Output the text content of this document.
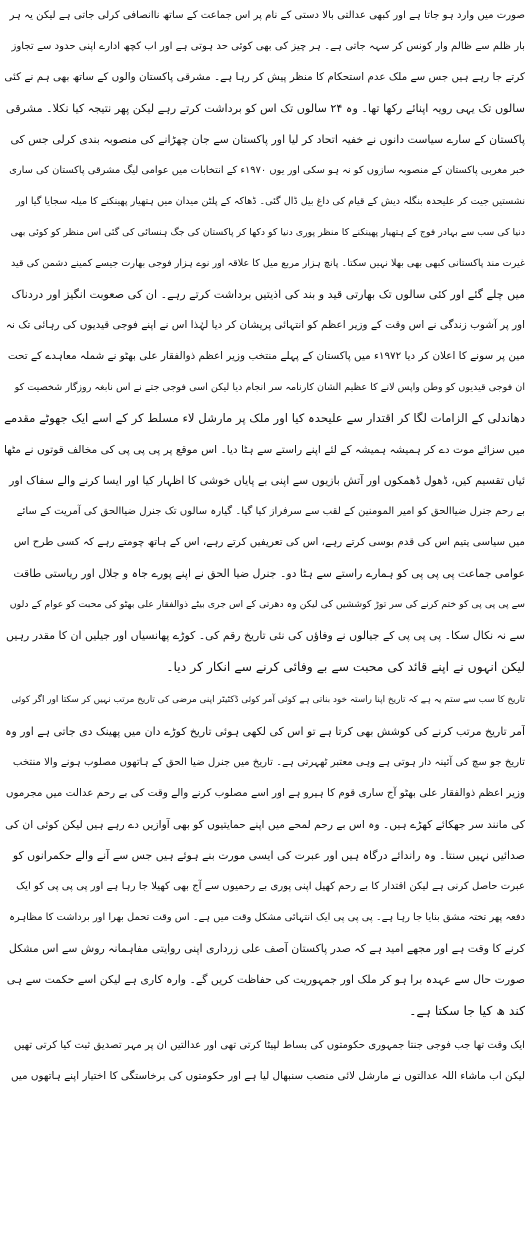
صورت میں وارد ہو جاتا ہے اور کبھی عدالتی بالا دستی کے نام پر اس جماعت کے ساتھ ناانصافی کرلی جاتی ہے لیکن یہ ہر
بار ظلم سے ظالم وار کونس کر سہہ جاتی ہے۔ ہر چیز کی بھی کوئی حد ہوتی ہے اور اب کچھ ادارے اپنی حدود سے تجاوز
کرتے جا رہے ہیں جس سے ملک عدم استحکام کا منظر پیش کر رہا ہے۔ مشرقی پاکستان والوں کے ساتھ بھی ہم نے کئی
سالوں تک یہی رویہ اپنائے رکھا تھا۔ وہ ۲۴ سالوں تک اس کو برداشت کرتے رہے لیکن پھر نتیجہ کیا نکلا۔ مشرقی
پاکستان کے سارے سیاست دانوں نے خفیہ اتحاد کر لیا اور پاکستان سے جان چھڑانے کی منصوبہ بندی کرلی جس کی
خبر مغربی پاکستان کے منصوبہ سازوں کو نہ ہو سکی اور یوں ۱۹۷۰ء کے انتخابات میں عوامی لیگ مشرقی پاکستان کی ساری
نشستیں جیت کر علیحدہ بنگلہ دیش کے قیام کی داغ بیل ڈال گئی۔ ڈھاکہ کے پلٹن میدان میں ہتھیار پھینکنے کا میلہ سجایا گیا اور
دنیا کی سب سے بہادر فوج کے ہتھیار پھینکنے کا منظر پوری دنیا کو دکھا کر پاکستان کی جگ ہنسائی کی گئی اس منظر کو کوئی بھی
غیرت مند پاکستانی کبھی بھی بھلا نہیں سکتا۔ پانچ ہزار مربع میل کا علاقہ اور نوے ہزار فوجی بھارت جیسے کمینے دشمن کی قید
میں چلے گئے اور کئی سالوں تک بھارتی قید و بند کی اذیتیں برداشت کرتے رہے۔ ان کی صعوبت انگیز اور دردناک
اور پر آشوب زندگی نے اس وقت کے وزیر اعظم کو انتہائی پریشان کر دیا لہٰذا اس نے اپنے فوجی قیدیوں کی رہائی تک نہ
مین پر سونے کا اعلان کر دیا ۱۹۷۲ء میں پاکستان کے پہلے منتخب وزیر اعظم ذوالفقار علی بھٹو نے شملہ معاہدے کے تحت
ان فوجی قیدیوں کو وطن واپس لانے کا عظیم الشان کارنامہ سر انجام دیا لیکن اسی فوجی جتے نے اس نابغہ روزگار شخصیت کو
دھاندلی کے الزامات لگا کر اقتدار سے علیحدہ کیا اور ملک پر مارشل لاء مسلط کر کے اسے ایک جھوٹے مقدمے
میں سزائے موت دے کر ہمیشہ ہمیشہ کے لئے اپنے راستے سے ہٹا دیا۔ اس موقع پر پی پی پی کی مخالف قوتوں نے مٹھا
ئیاں تقسیم کیں، ڈھول ڈھمکوں اور آتش بازیوں سے اپنی بے پایاں خوشی کا اظہار کیا اور ایسا کرنے والے سفاک اور
بے رحم جنرل ضیاالحق کو امیر المومنین کے لقب سے سرفراز کیا گیا۔ گیارہ سالوں تک جنرل ضیاالحق کی آمریت کے سائے
میں سیاسی یتیم اس کی قدم بوسی کرتے رہے، اس کی تعریفیں کرتے رہے، اس کے ہاتھ چومتے رہے کہ کسی طرح اس
عوامی جماعت پی پی پی کو ہمارے راستے سے ہٹا دو۔ جنرل ضیا الحق نے اپنے پورے جاہ و جلال اور ریاستی طاقت
سے پی پی پی کو ختم کرنے کی سر توڑ کوششیں کی لیکن وہ دھرتی کے اس جری بیٹے ذوالفقار علی بھٹو کی محبت کو عوام کے دلوں
سے نہ نکال سکا۔ پی پی پی کے جیالوں نے وفاؤں کی نئی تاریخ رقم کی۔ کوڑے پھانسیاں اور جیلیں ان کا مقدر رہیں
لیکن انہوں نے اپنے قائد کی محبت سے بے وفائی کرنے سے انکار کر دیا۔
تاریخ کا سب سے ستم یہ ہے کہ تاریخ اپنا راستہ خود بناتی ہے کوئی آمر کوئی ڈکٹیٹر اپنی مرضی کی تاریخ مرتب نہیں کر سکتا اور اگر کوئی
آمر تاریخ مرتب کرنے کی کوشش بھی کرتا ہے تو اس کی لکھی ہوئی تاریخ کوڑے دان میں پھینک دی جاتی ہے اور وہ
تاریخ جو سچ کی آئینہ دار ہوتی ہے وہی معتبر ٹھہرتی ہے۔ تاریخ میں جنرل ضیا الحق کے ہاتھوں مصلوب ہونے والا منتخب
وزیر اعظم ذوالفقار علی بھٹو آج ساری قوم کا ہیرو ہے اور اسے مصلوب کرنے والے وقت کی بے رحم عدالت میں مجرموں
کی مانند سر جھکائے کھڑے ہیں۔ وہ اس بے رحم لمحے میں اپنے حمایتیوں کو بھی آوازیں دے رہے ہیں لیکن کوئی ان کی
صدائیں نہیں سنتا۔ وہ راندائے درگاہ ہیں اور عبرت کی ایسی مورت بنے ہوئے ہیں جس سے آنے والے حکمرانوں کو
عبرت حاصل کرنی ہے لیکن اقتدار کا بے رحم کھیل اپنی پوری بے رحمیوں سے آج بھی کھیلا جا رہا ہے اور پی پی پی کو ایک
دفعہ پھر تختہ مشق بنایا جا رہا ہے۔ پی پی پی ایک انتہائی مشکل وقت میں ہے۔ اس وقت تحمل بھرا اور برداشت کا مظاہرہ
کرنے کا وقت ہے اور مجھے امید ہے کہ صدر پاکستان آصف علی زرداری اپنی روایتی مفاہمانہ روش سے اس مشکل
صورت حال سے عہدہ برا ہو کر ملک اور جمہوریت کی حفاظت کریں گے۔ وارہ کاری ہے لیکن اسے حکمت سے ہی
کند ھ کیا جا سکتا ہے۔
ایک وقت تھا جب فوجی جنتا جمہوری حکومتوں کی بساط لپیٹا کرتی تھی اور عدالتیں ان پر مہر تصدیق ثبت کیا کرتی تھیں
لیکن اب ماشاء اللہ عدالتوں نے مارشل لائی منصب سنبھال لیا ہے اور حکومتوں کی برخاستگی کا اختیار اپنے ہاتھوں میں
